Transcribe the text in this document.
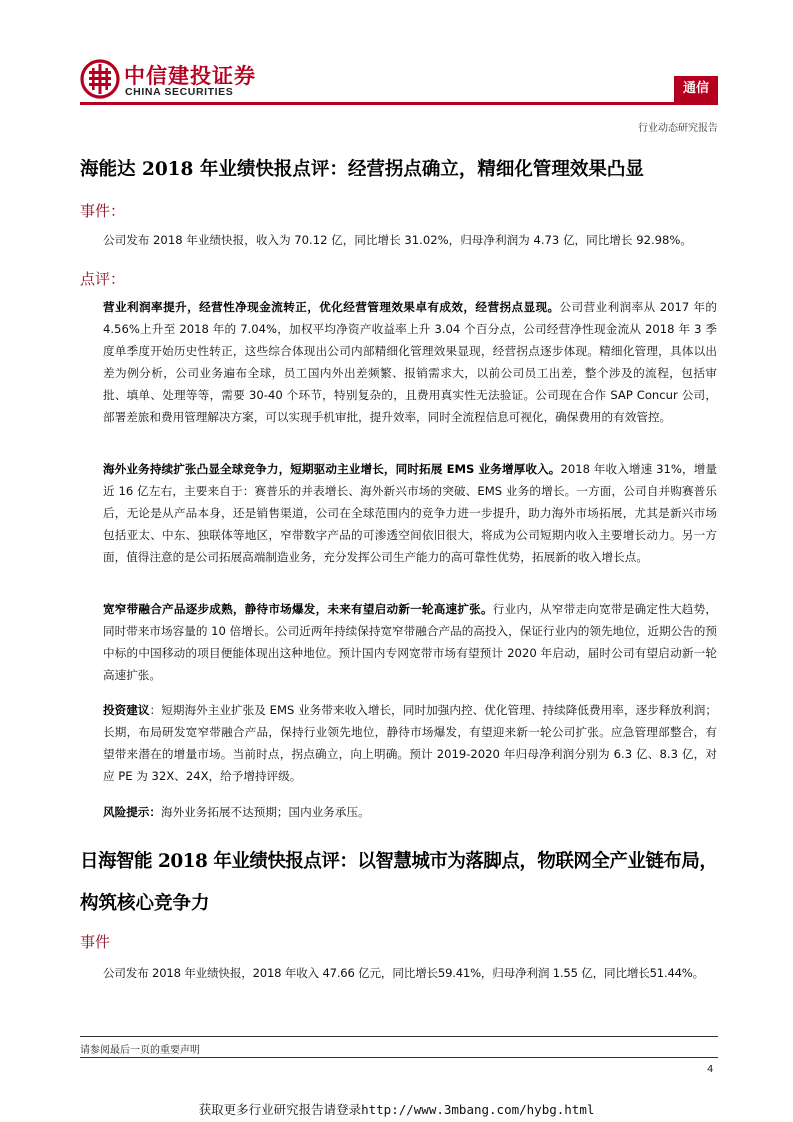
中信建投证券
CHINA SECURITIES	通信
行业动态研究报告
海能达 2018 年业绩快报点评：经营拐点确立，精细化管理效果凸显
事件：
公司发布 2018 年业绩快报，收入为 70.12 亿，同比增长 31.02%，归母净利润为 4.73 亿，同比增长 92.98%。
点评：
营业利润率提升，经营性净现金流转正，优化经营管理效果卓有成效，经营拐点显现。公司营业利润率从 2017 年的 4.56%上升至 2018 年的 7.04%，加权平均净资产收益率上升 3.04 个百分点，公司经营净性现金流从 2018 年 3 季度单季度开始历史性转正，这些综合体现出公司内部精细化管理效果显现，经营拐点逐步体现。精细化管理，具体以出差为例分析，公司业务遍布全球，员工国内外出差频繁、报销需求大，以前公司员工出差，整个涉及的流程，包括审批、填单、处理等等，需要 30-40 个环节，特别复杂的，且费用真实性无法验证。公司现在合作 SAP Concur 公司，部署差旅和费用管理解决方案，可以实现手机审批，提升效率，同时全流程信息可视化，确保费用的有效管控。
海外业务持续扩张凸显全球竞争力，短期驱动主业增长，同时拓展 EMS 业务增厚收入。2018 年收入增速 31%，增量近 16 亿左右，主要来自于：赛普乐的并表增长、海外新兴市场的突破、EMS 业务的增长。一方面，公司自并购赛普乐后，无论是从产品本身，还是销售渠道，公司在全球范围内的竞争力进一步提升，助力海外市场拓展，尤其是新兴市场包括亚太、中东、独联体等地区，窄带数字产品的可渗透空间依旧很大，将成为公司短期内收入主要增长动力。另一方面，值得注意的是公司拓展高端制造业务，充分发挥公司生产能力的高可靠性优势，拓展新的收入增长点。
宽窄带融合产品逐步成熟，静待市场爆发，未来有望启动新一轮高速扩张。行业内，从窄带走向宽带是确定性大趋势，同时带来市场容量的 10 倍增长。公司近两年持续保持宽窄带融合产品的高投入，保证行业内的领先地位，近期公告的预中标的中国移动的项目便能体现出这种地位。预计国内专网宽带市场有望预计 2020 年启动，届时公司有望启动新一轮高速扩张。
投资建议：短期海外主业扩张及 EMS 业务带来收入增长，同时加强内控、优化管理、持续降低费用率，逐步释放利润；长期，布局研发宽窄带融合产品，保持行业领先地位，静待市场爆发，有望迎来新一轮公司扩张。应急管理部整合，有望带来潜在的增量市场。当前时点，拐点确立，向上明确。预计 2019-2020 年归母净利润分别为 6.3 亿、8.3 亿，对应 PE 为 32X、24X，给予增持评级。
风险提示：海外业务拓展不达预期；国内业务承压。
日海智能 2018 年业绩快报点评：以智慧城市为落脚点，物联网全产业链布局，
构筑核心竞争力
事件
公司发布 2018 年业绩快报，2018 年收入 47.66 亿元，同比增长59.41%，归母净利润 1.55 亿，同比增长51.44%。
请参阅最后一页的重要声明
4
获取更多行业研究报告请登录http://www.3mbang.com/hybg.html
